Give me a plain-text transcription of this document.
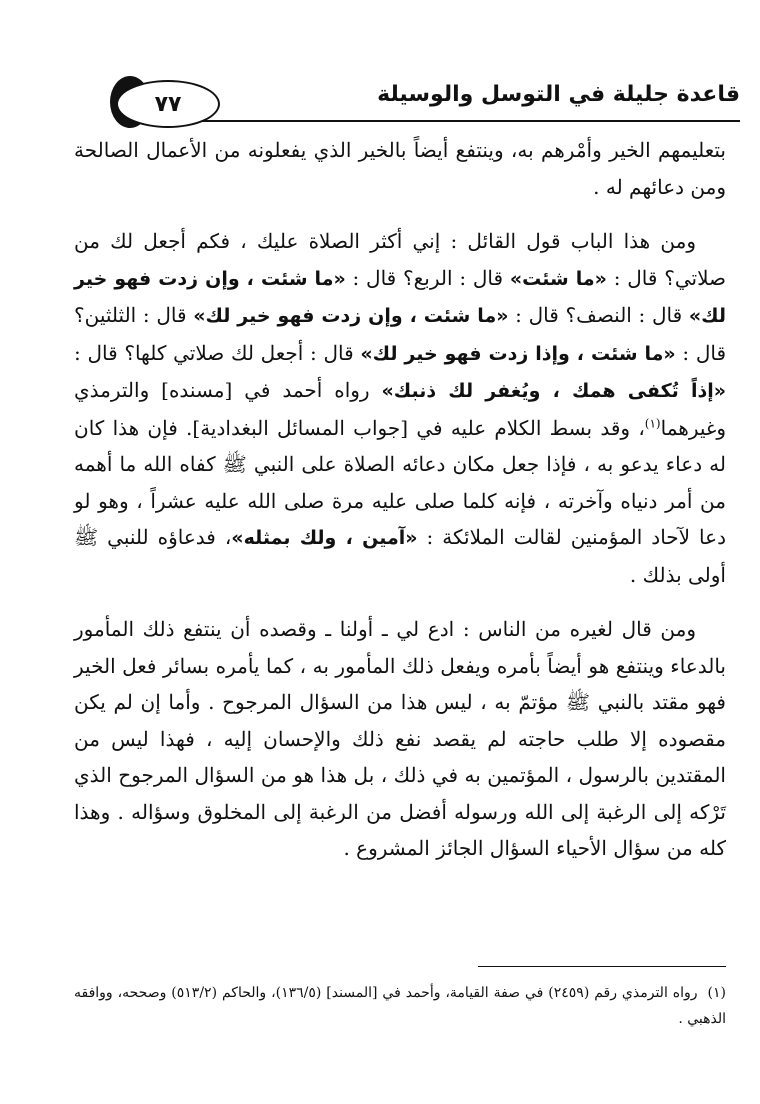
٧٧	قاعدة جليلة في التوسل والوسيلة

بتعليمهم الخير وأمْرهم به، وينتفع أيضاً بالخير الذي يفعلونه من الأعمال الصالحة ومن دعائهم له .

ومن هذا الباب قول القائل : إني أكثر الصلاة عليك ، فكم أجعل لك من صلاتي؟ قال : «ما شئت» قال : الربع؟ قال : «ما شئت ، وإن زدت فهو خير لك» قال : النصف؟ قال : «ما شئت ، وإن زدت فهو خير لك» قال : الثلثين؟ قال : «ما شئت ، وإذا زدت فهو خير لك» قال : أجعل لك صلاتي كلها؟ قال : «إذاً تُكفى همك ، ويُغفر لك ذنبك» رواه أحمد في [مسنده] والترمذي وغيرهما$^{(١)}$، وقد بسط الكلام عليه في [جواب المسائل البغدادية]. فإن هذا كان له دعاء يدعو به ، فإذا جعل مكان دعائه الصلاة على النبي ﷺ كفاه الله ما أهمه من أمر دنياه وآخرته ، فإنه كلما صلى عليه مرة صلى الله عليه عشراً ، وهو لو دعا لآحاد المؤمنين لقالت الملائكة : «آمين ، ولك بمثله»، فدعاؤه للنبي ﷺ أولى بذلك .

ومن قال لغيره من الناس : ادع لي ـ أولنا ـ وقصده أن ينتفع ذلك المأمور بالدعاء وينتفع هو أيضاً بأمره ويفعل ذلك المأمور به ، كما يأمره بسائر فعل الخير فهو مقتد بالنبي ﷺ مؤتمّ به ، ليس هذا من السؤال المرجوح . وأما إن لم يكن مقصوده إلا طلب حاجته لم يقصد نفع ذلك والإحسان إليه ، فهذا ليس من المقتدين بالرسول ، المؤتمين به في ذلك ، بل هذا هو من السؤال المرجوح الذي تَرْكه إلى الرغبة إلى الله ورسوله أفضل من الرغبة إلى المخلوق وسؤاله . وهذا كله من سؤال الأحياء السؤال الجائز المشروع .

(١)رواه الترمذي رقم (٢٤٥٩) في صفة القيامة، وأحمد في [المسند] (١٣٦/٥)، والحاكم (٥١٣/٢) وصححه، ووافقه الذهبي .
